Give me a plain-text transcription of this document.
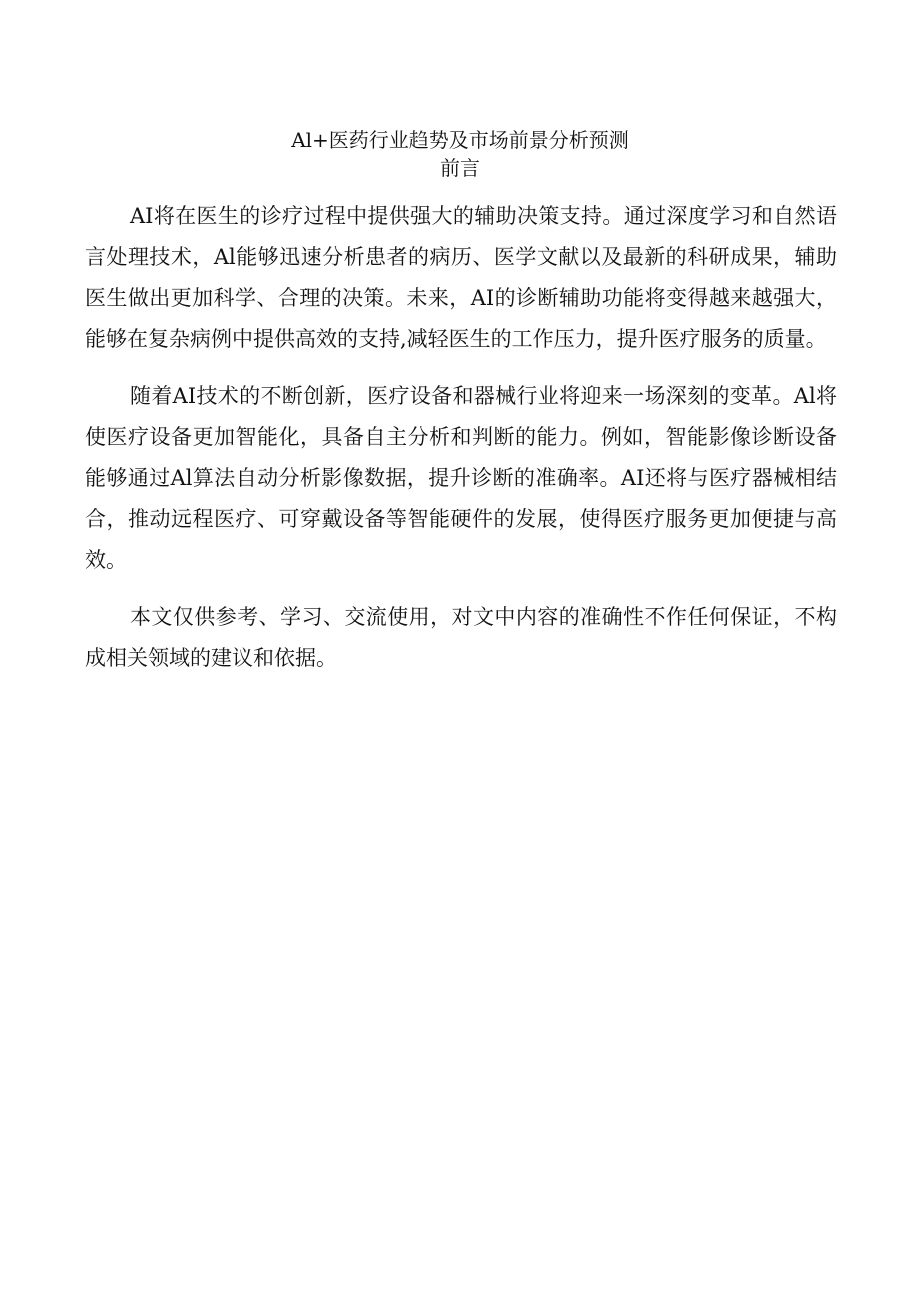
Al+医药行业趋势及市场前景分析预测
前言

AI将在医生的诊疗过程中提供强大的辅助决策支持。通过深度学习和自然语言处理技术，Al能够迅速分析患者的病历、医学文献以及最新的科研成果，辅助医生做出更加科学、合理的决策。未来，AI的诊断辅助功能将变得越来越强大，能够在复杂病例中提供高效的支持,减轻医生的工作压力，提升医疗服务的质量。

随着AI技术的不断创新，医疗设备和器械行业将迎来一场深刻的变革。Al将使医疗设备更加智能化，具备自主分析和判断的能力。例如，智能影像诊断设备能够通过Al算法自动分析影像数据，提升诊断的准确率。AI还将与医疗器械相结合，推动远程医疗、可穿戴设备等智能硬件的发展，使得医疗服务更加便捷与高效。

本文仅供参考、学习、交流使用，对文中内容的准确性不作任何保证，不构成相关领域的建议和依据。
